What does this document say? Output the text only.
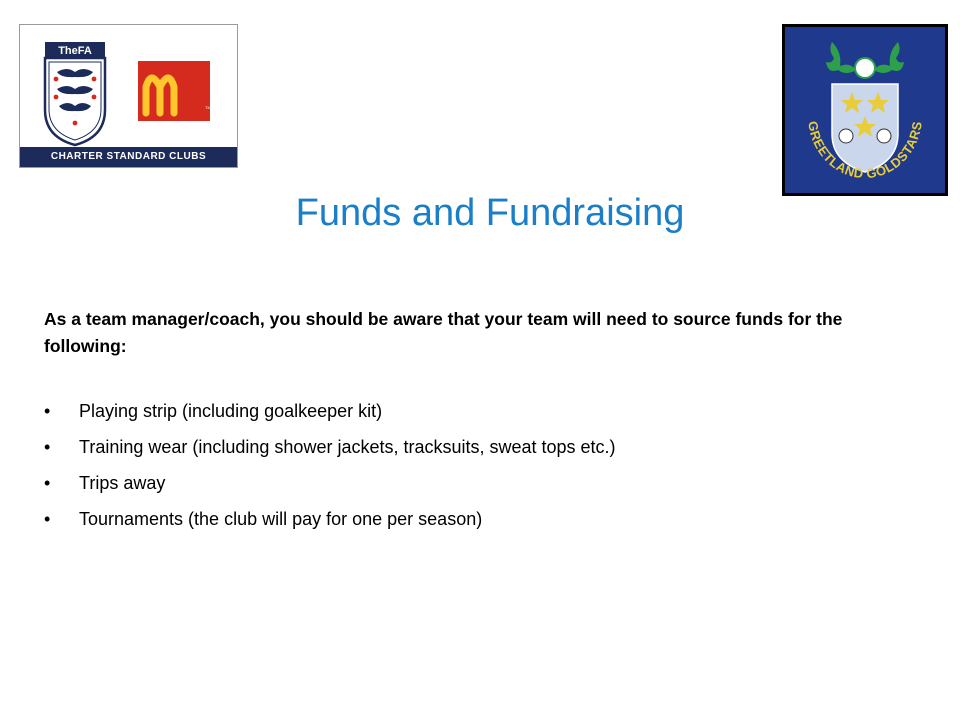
TheFA
TM
CHARTER STANDARD CLUBS
GREETLAND GOLDSTARS
Funds and Fundraising

As a team manager/coach, you should be aware that your team will need to source funds for the following:

•	Playing strip (including goalkeeper kit)
•	Training wear (including shower jackets, tracksuits, sweat tops etc.)
•	Trips away
•	Tournaments (the club will pay for one per season)
